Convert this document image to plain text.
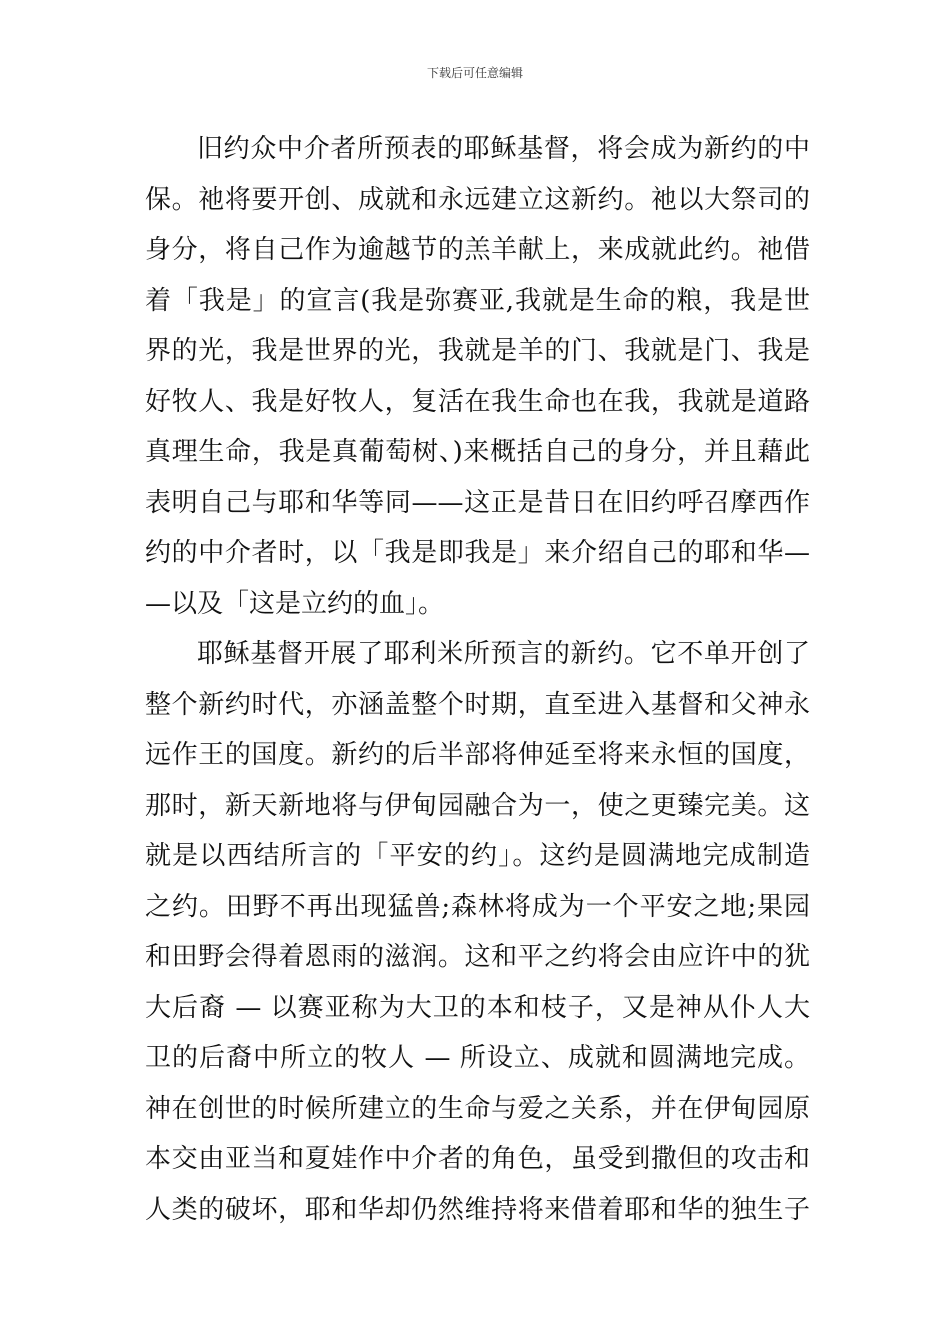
下载后可任意编辑
旧约众中介者所预表的耶稣基督，将会成为新约的中
保。祂将要开创、成就和永远建立这新约。祂以大祭司的
身分，将自己作为逾越节的羔羊献上，来成就此约。祂借
着「我是」的宣言(我是弥赛亚,我就是生命的粮，我是世
界的光，我是世界的光，我就是羊的门、我就是门、我是
好牧人、我是好牧人，复活在我生命也在我，我就是道路
真理生命，我是真葡萄树、)来概括自己的身分，并且藉此
表明自己与耶和华等同——这正是昔日在旧约呼召摩西作
约的中介者时，以「我是即我是」来介绍自己的耶和华—
—以及「这是立约的血」。
耶稣基督开展了耶利米所预言的新约。它不单开创了
整个新约时代，亦涵盖整个时期，直至进入基督和父神永
远作王的国度。新约的后半部将伸延至将来永恒的国度，
那时，新天新地将与伊甸园融合为一，使之更臻完美。这
就是以西结所言的「平安的约」。这约是圆满地完成制造
之约。田野不再出现猛兽;森林将成为一个平安之地;果园
和田野会得着恩雨的滋润。这和平之约将会由应许中的犹
大后裔 — 以赛亚称为大卫的本和枝子，又是神从仆人大
卫的后裔中所立的牧人 — 所设立、成就和圆满地完成。
神在创世的时候所建立的生命与爱之关系，并在伊甸园原
本交由亚当和夏娃作中介者的角色，虽受到撒但的攻击和
人类的破坏，耶和华却仍然维持将来借着耶和华的独生子
